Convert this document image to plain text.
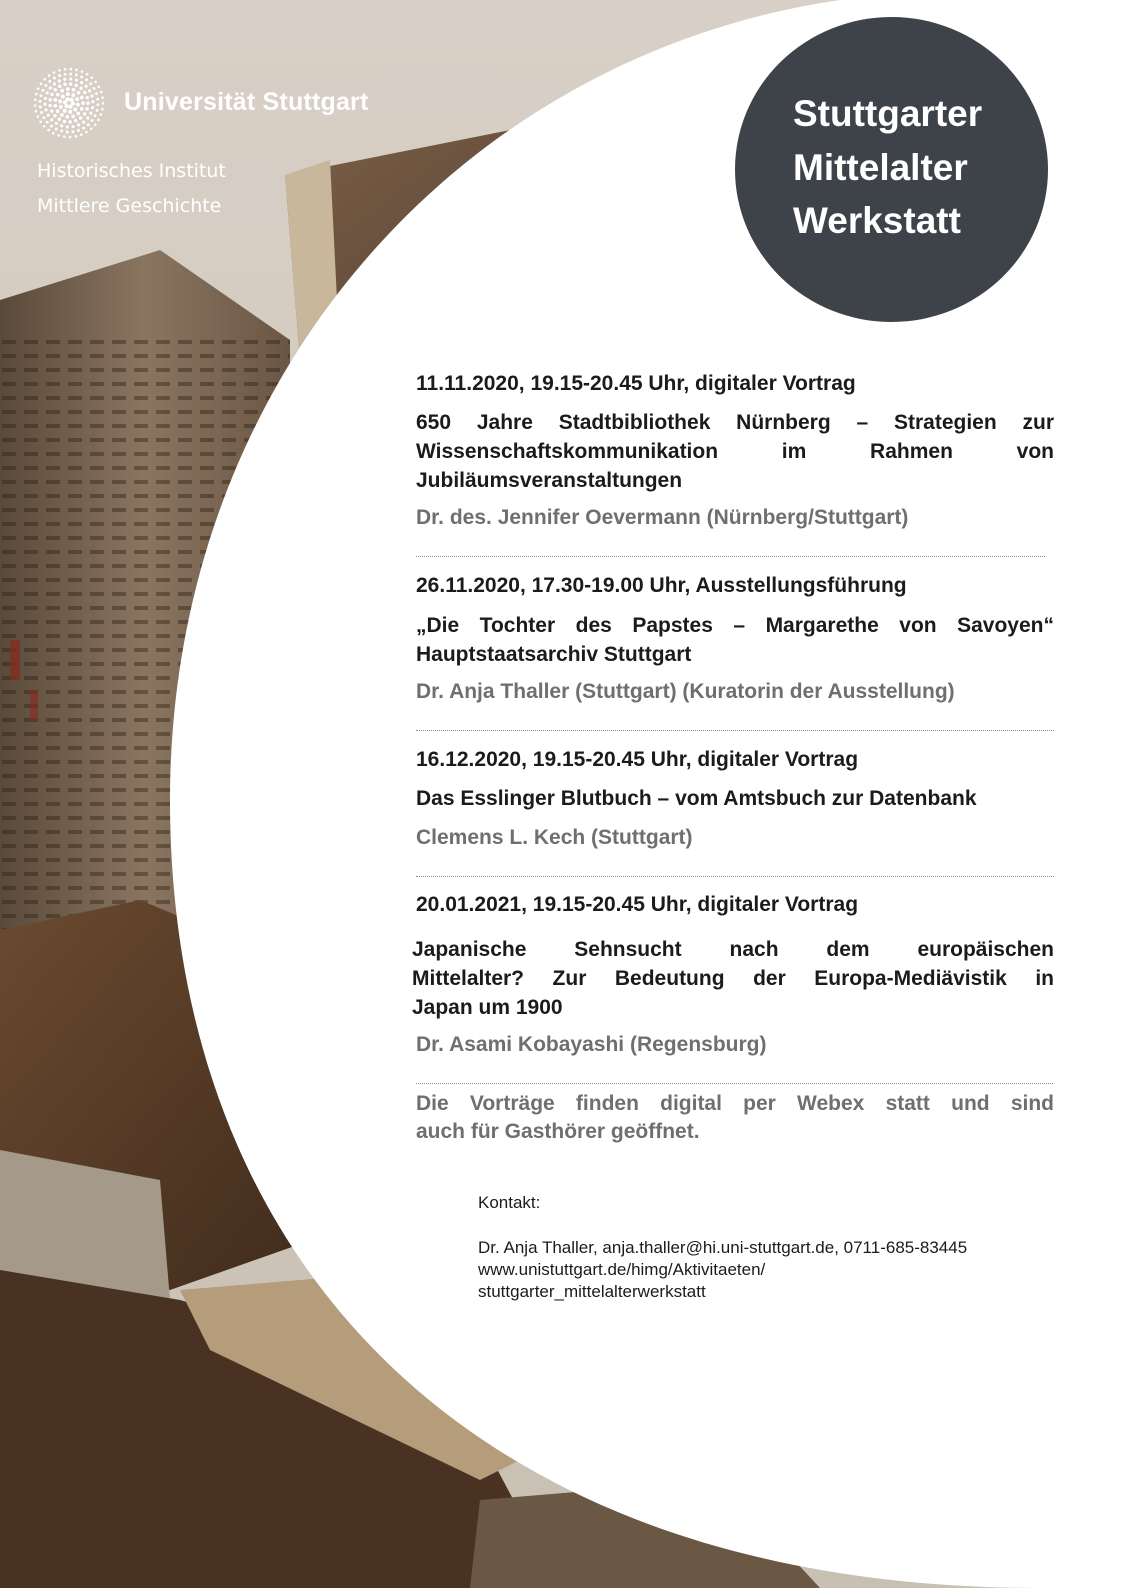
Universität Stuttgart
Historisches Institut
Mittlere Geschichte
Stuttgarter
Mittelalter
Werkstatt
11.11.2020, 19.15-20.45 Uhr, digitaler Vortrag
650 Jahre Stadtbibliothek Nürnberg – Strategien zur
Wissenschaftskommunikation im Rahmen von
Jubiläumsveranstaltungen
Dr. des. Jennifer Oevermann (Nürnberg/Stuttgart)
26.11.2020, 17.30-19.00 Uhr, Ausstellungsführung
„Die Tochter des Papstes – Margarethe von Savoyen“
Hauptstaatsarchiv Stuttgart
Dr. Anja Thaller (Stuttgart) (Kuratorin der Ausstellung)
16.12.2020, 19.15-20.45 Uhr, digitaler Vortrag
Das Esslinger Blutbuch – vom Amtsbuch zur Datenbank
Clemens L. Kech (Stuttgart)
20.01.2021, 19.15-20.45 Uhr, digitaler Vortrag
Japanische Sehnsucht nach dem europäischen
Mittelalter? Zur Bedeutung der Europa-Mediävistik in
Japan um 1900
Dr. Asami Kobayashi (Regensburg)
Die Vorträge finden digital per Webex statt und sind
auch für Gasthörer geöffnet.
Kontakt:
Dr. Anja Thaller, anja.thaller@hi.uni-stuttgart.de, 0711-685-83445
www.unistuttgart.de/himg/Aktivitaeten/
stuttgarter_mittelalterwerkstatt
